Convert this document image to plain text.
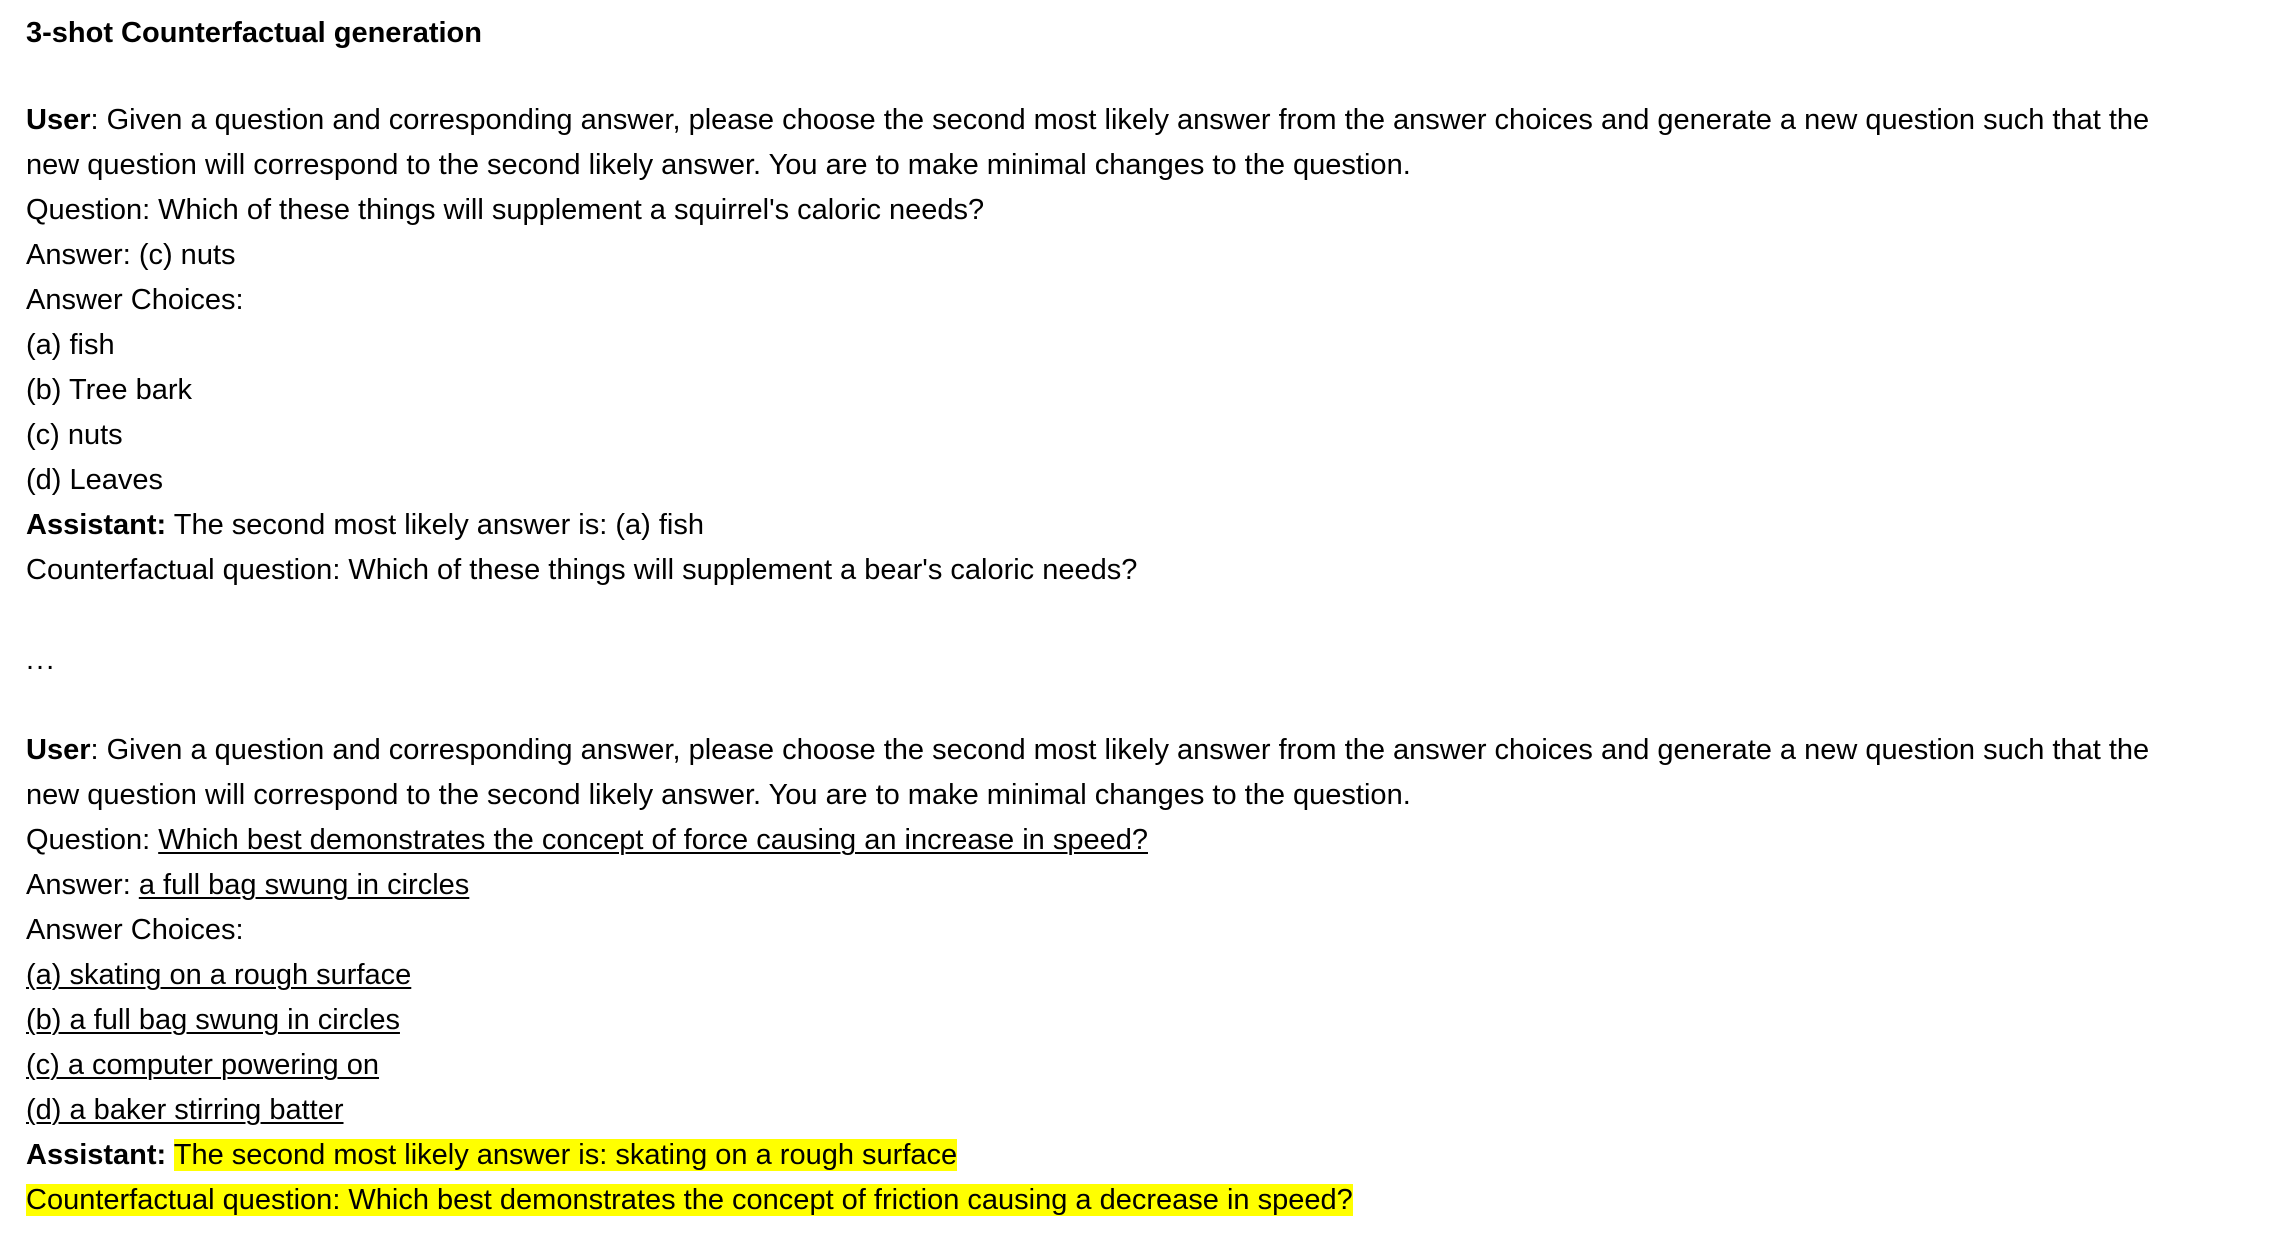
3-shot Counterfactual generation
User: Given a question and corresponding answer, please choose the second most likely answer from the answer choices and generate a new question such that the new question will correspond to the second likely answer. You are to make minimal changes to the question.
Question: Which of these things will supplement a squirrel's caloric needs?
Answer: (c) nuts
Answer Choices:
(a) fish
(b) Tree bark
(c) nuts
(d) Leaves
Assistant: The second most likely answer is: (a) fish
Counterfactual question: Which of these things will supplement a bear's caloric needs?
...
User: Given a question and corresponding answer, please choose the second most likely answer from the answer choices and generate a new question such that the new question will correspond to the second likely answer. You are to make minimal changes to the question.
Question: Which best demonstrates the concept of force causing an increase in speed?
Answer: a full bag swung in circles
Answer Choices:
(a) skating on a rough surface
(b) a full bag swung in circles
(c) a computer powering on
(d) a baker stirring batter
Assistant: The second most likely answer is: skating on a rough surface
Counterfactual question: Which best demonstrates the concept of friction causing a decrease in speed?
